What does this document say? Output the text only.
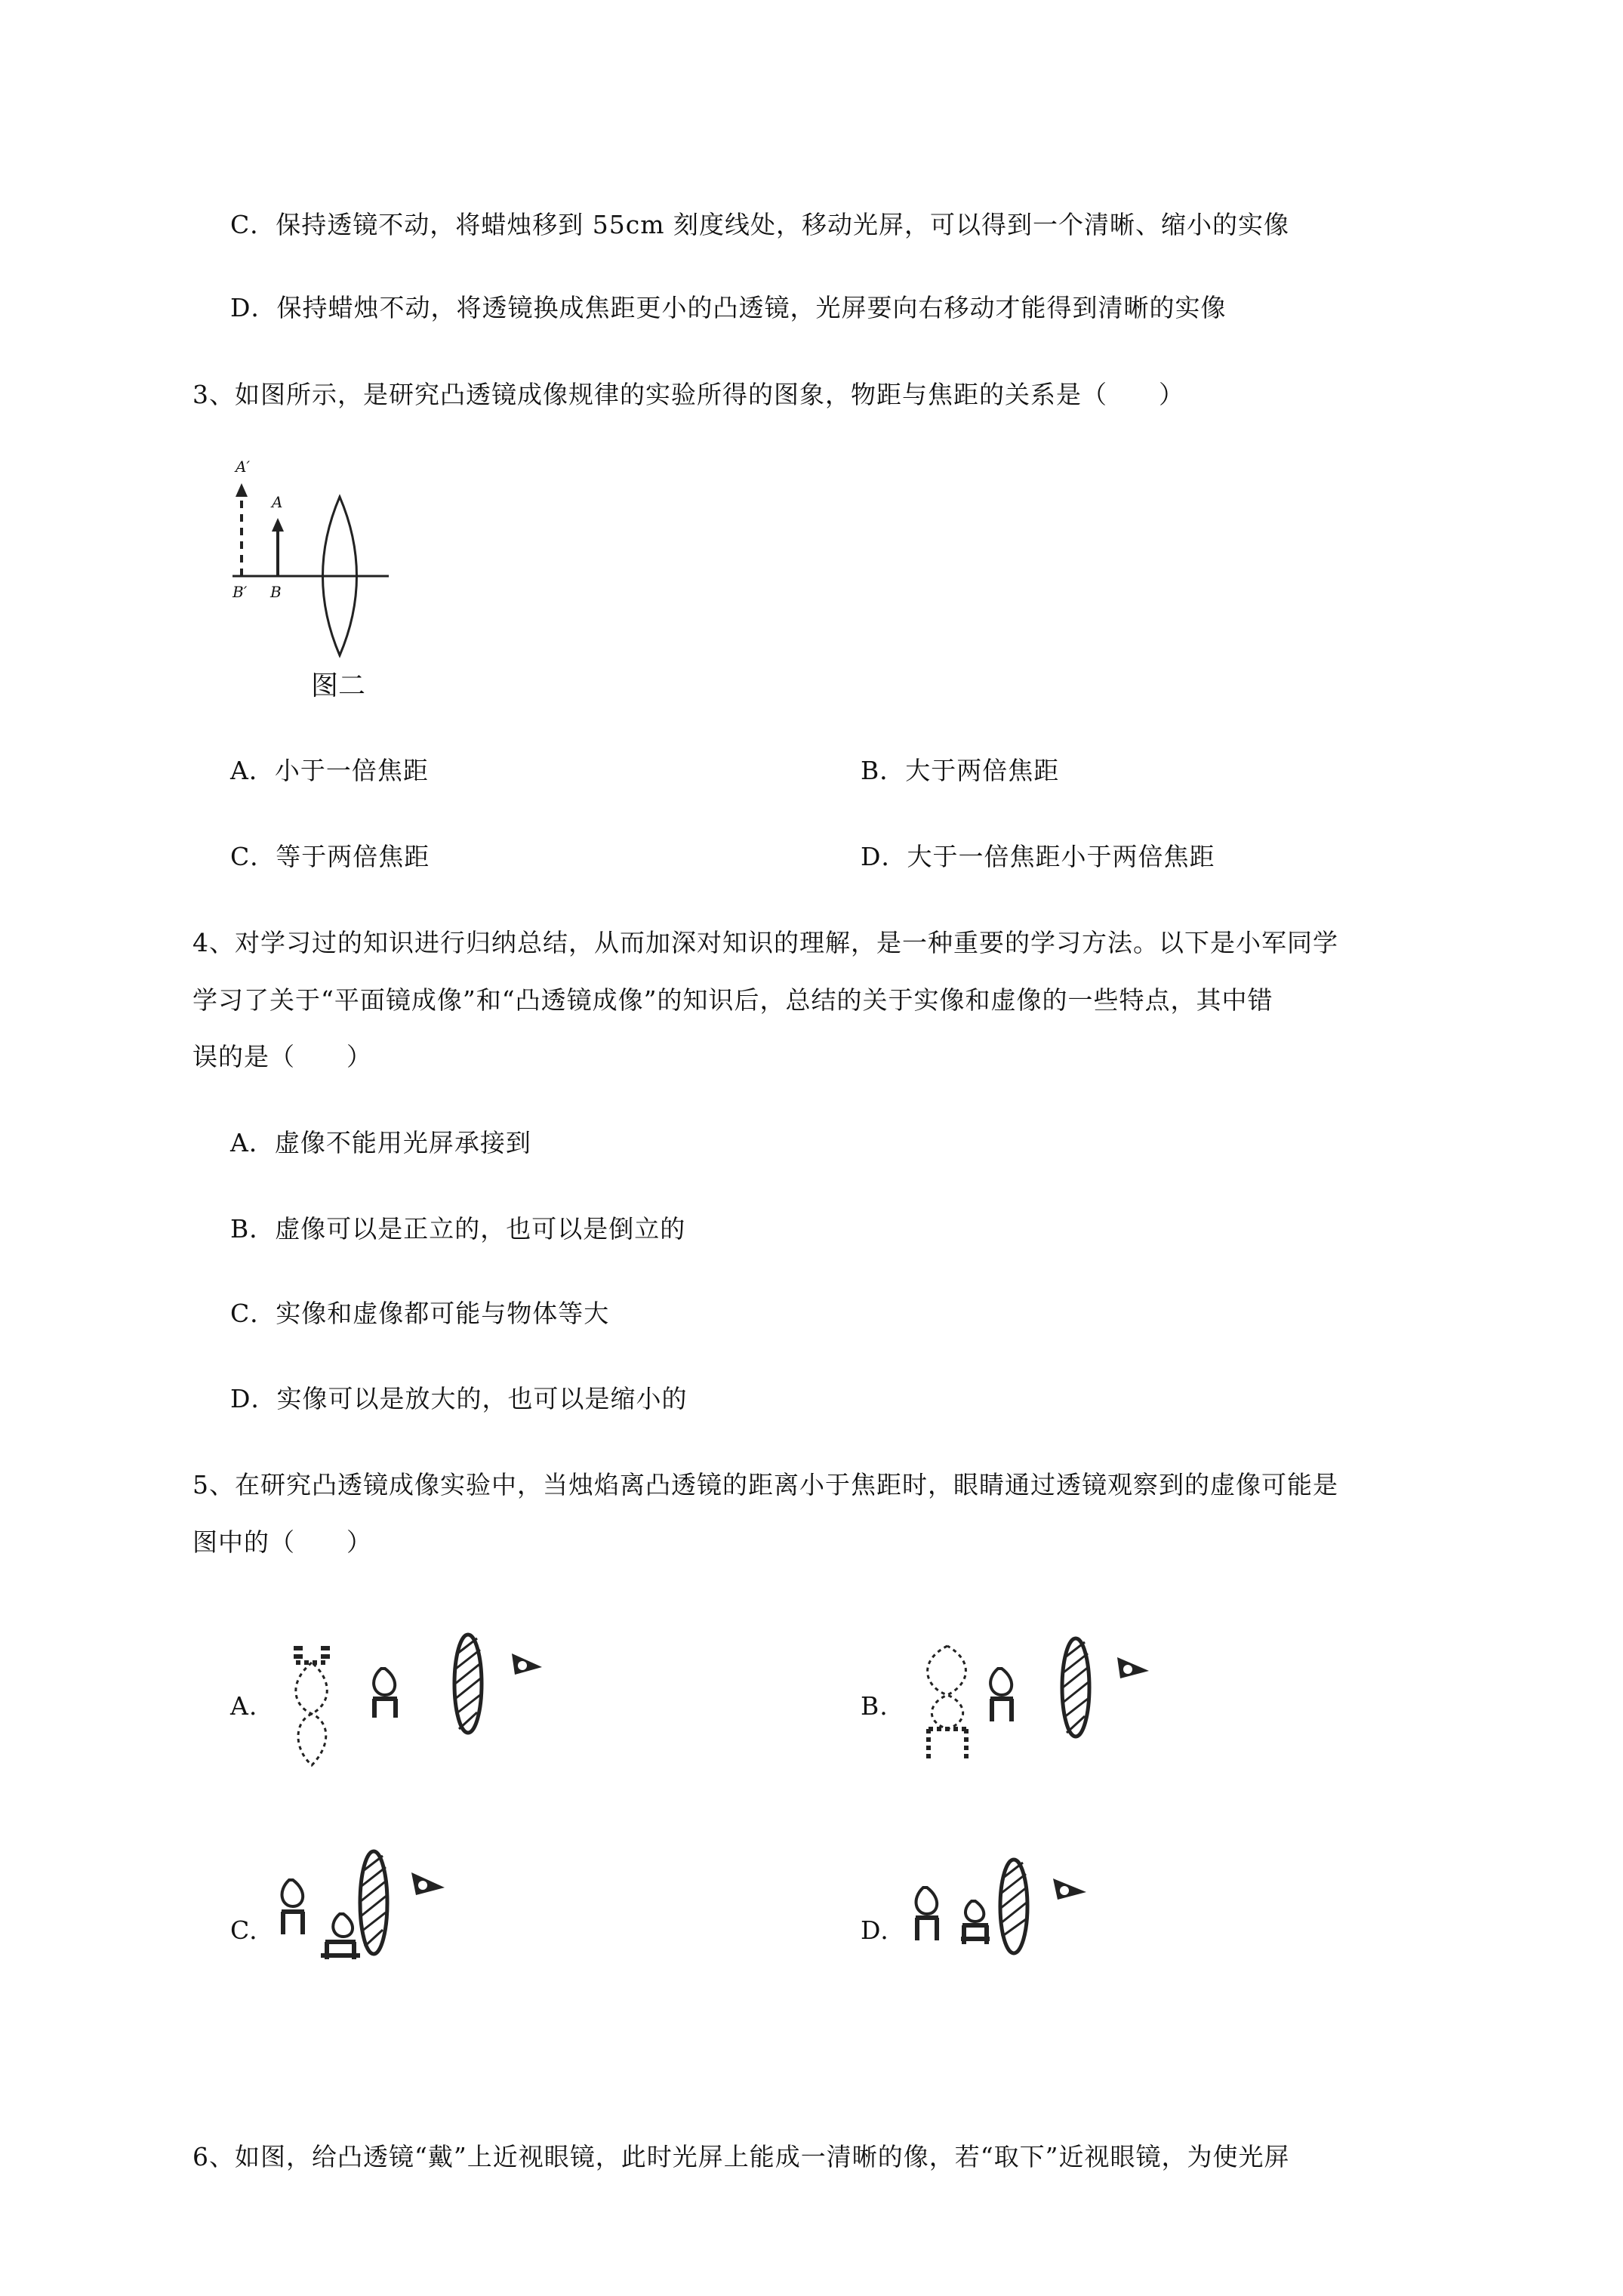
C．保持透镜不动，将蜡烛移到 55cm 刻度线处，移动光屏，可以得到一个清晰、缩小的实像
D．保持蜡烛不动，将透镜换成焦距更小的凸透镜，光屏要向右移动才能得到清晰的实像
3、如图所示，是研究凸透镜成像规律的实验所得的图象，物距与焦距的关系是（　　）
A′
A
B′ B
图二
A．小于一倍焦距	B．大于两倍焦距
C．等于两倍焦距	D．大于一倍焦距小于两倍焦距
4、对学习过的知识进行归纳总结，从而加深对知识的理解，是一种重要的学习方法。以下是小军同学
学习了关于“平面镜成像”和“凸透镜成像”的知识后，总结的关于实像和虚像的一些特点，其中错
误的是（　　）
A．虚像不能用光屏承接到
B．虚像可以是正立的，也可以是倒立的
C．实像和虚像都可能与物体等大
D．实像可以是放大的，也可以是缩小的
5、在研究凸透镜成像实验中，当烛焰离凸透镜的距离小于焦距时，眼睛通过透镜观察到的虚像可能是
图中的（　　）
A.	B.
C.	D.
6、如图，给凸透镜“戴”上近视眼镜，此时光屏上能成一清晰的像，若“取下”近视眼镜，为使光屏
